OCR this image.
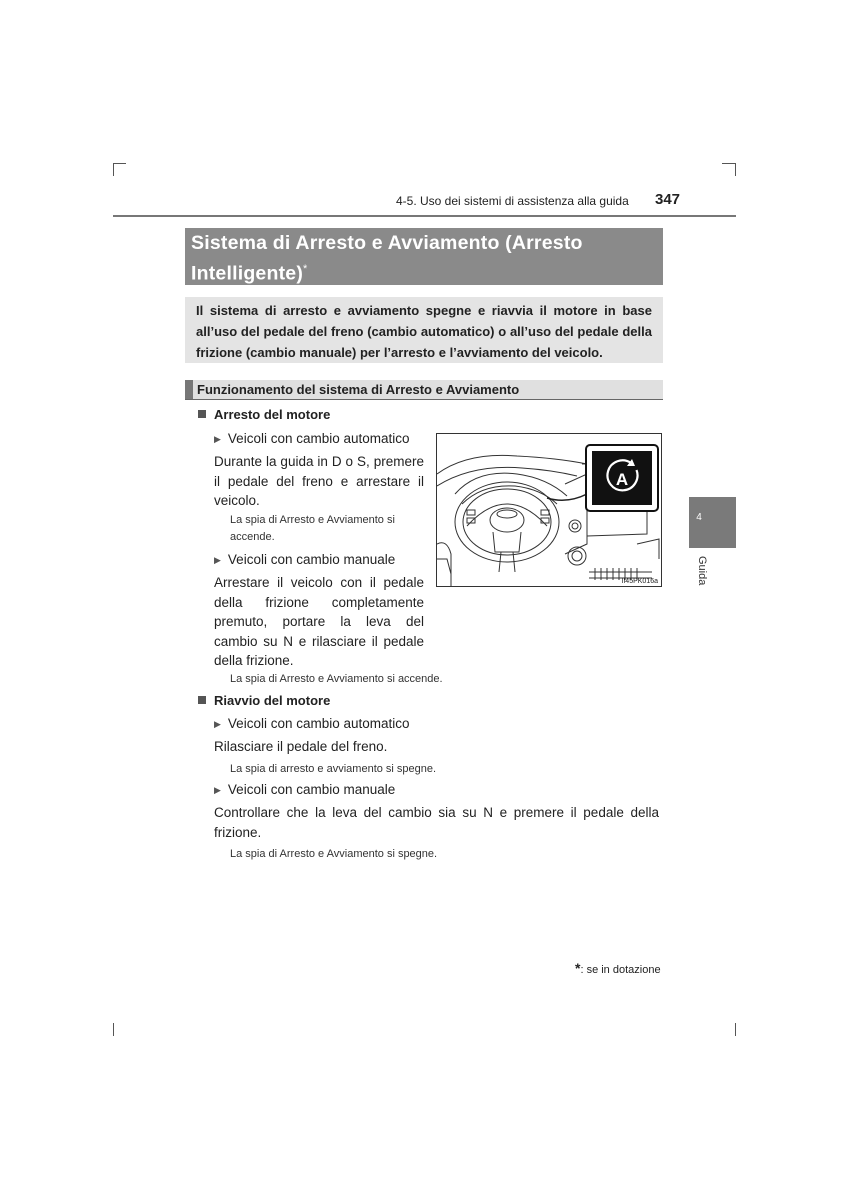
4-5. Uso dei sistemi di assistenza alla guida 347
Sistema di Arresto e Avviamento (Arresto Intelligente)*
Il sistema di arresto e avviamento spegne e riavvia il motore in base all’uso del pedale del freno (cambio automatico) o all’uso del pedale della frizione (cambio manuale) per l’arresto e l’avviamento del veicolo.
Funzionamento del sistema di Arresto e Avviamento
Arresto del motore
▶ Veicoli con cambio automatico
Durante la guida in D o S, premere il pedale del freno e arrestare il veicolo.
La spia di Arresto e Avviamento si accende.
▶ Veicoli con cambio manuale
Arrestare il veicolo con il pedale della frizione completamente premuto, portare la leva del cambio su N e rilasciare il pedale della frizione.
La spia di Arresto e Avviamento si accende.
A
II45PK016a
Riavvio del motore
▶ Veicoli con cambio automatico
Rilasciare il pedale del freno.
La spia di arresto e avviamento si spegne.
▶ Veicoli con cambio manuale
Controllare che la leva del cambio sia su N e premere il pedale della frizione.
La spia di Arresto e Avviamento si spegne.
4
Guida
*: se in dotazione
